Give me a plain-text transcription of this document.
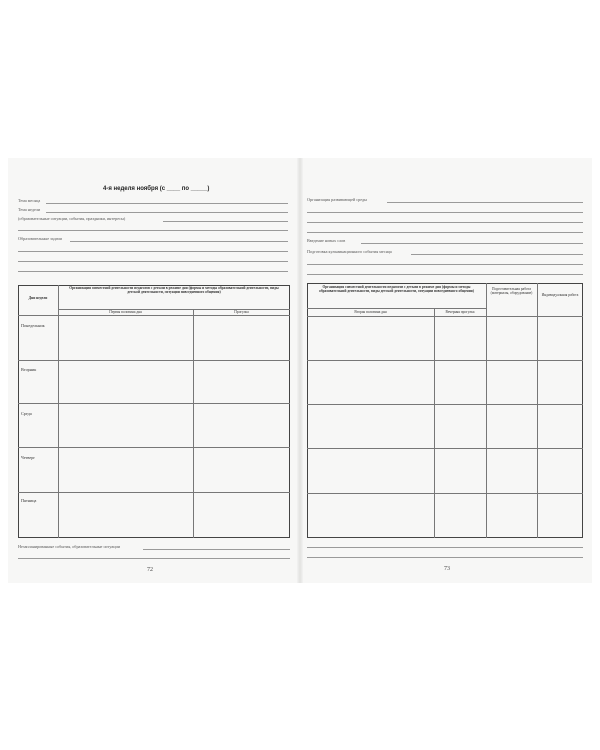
4-я неделя ноября (с ____ по _____)
Тема месяца
Тема недели
(образовательные ситуации, события, праздники, интересы)
Образовательные задачи
Дни недели
Организация совместной деятельности педагогов с детьми в режиме дня (формы и методы образовательной деятельности, виды детской деятельности, ситуации повседневного общения)
Первая половина дня	Прогулка
Понедельник
Вторник
Среда
Четверг
Пятница
Незапланированные события, образовательные ситуации
72
Организация развивающей среды
Введение новых слов
Подготовка кульминационного события месяца
Организация совместной деятельности педагогов с детьми в режиме дня (формы и методы образовательной деятельности, виды детской деятельности, ситуации повседневного общения)
Вторая половина дня	Вечерняя прогулка
Подготовительная работа (материалы, оборудование)	Индивидуальная работа
73
